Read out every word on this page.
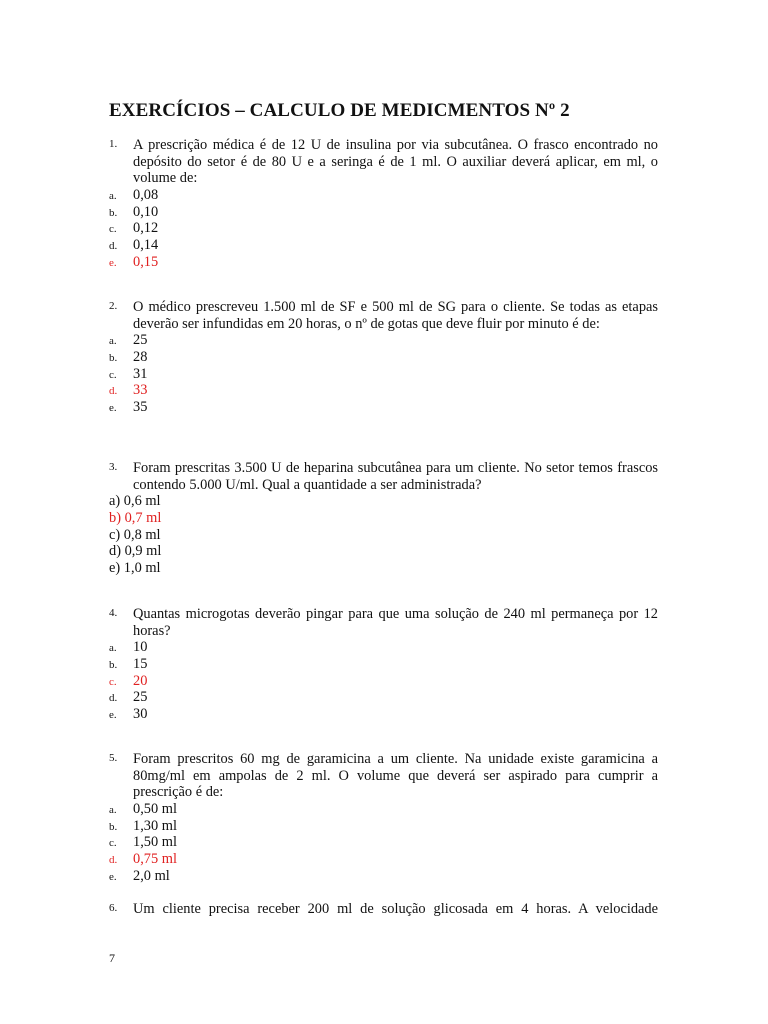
EXERCÍCIOS – CALCULO DE MEDICMENTOS Nº 2
1. A prescrição médica é de 12 U de insulina por via subcutânea. O frasco encontrado no depósito do setor é de 80 U e a seringa é de 1 ml. O auxiliar deverá aplicar, em ml, o volume de:
a. 0,08
b. 0,10
c. 0,12
d. 0,14
e. 0,15
2. O médico prescreveu 1.500 ml de SF e 500 ml de SG para o cliente. Se todas as etapas deverão ser infundidas em 20 horas, o nº de gotas que deve fluir por minuto é de:
a. 25
b. 28
c. 31
d. 33
e. 35
3. Foram prescritas 3.500 U de heparina subcutânea para um cliente. No setor temos frascos contendo 5.000 U/ml. Qual a quantidade a ser administrada?
a) 0,6 ml
b) 0,7 ml
c) 0,8 ml
d) 0,9 ml
e) 1,0 ml
4. Quantas microgotas deverão pingar para que uma solução de 240 ml permaneça por 12 horas?
a. 10
b. 15
c. 20
d. 25
e. 30
5. Foram prescritos 60 mg de garamicina a um cliente. Na unidade existe garamicina a 80mg/ml em ampolas de 2 ml. O volume que deverá ser aspirado para cumprir a prescrição é de:
a. 0,50 ml
b. 1,30 ml
c. 1,50 ml
d. 0,75 ml
e. 2,0 ml
6. Um cliente precisa receber 200 ml de solução glicosada em 4 horas. A velocidade
7
